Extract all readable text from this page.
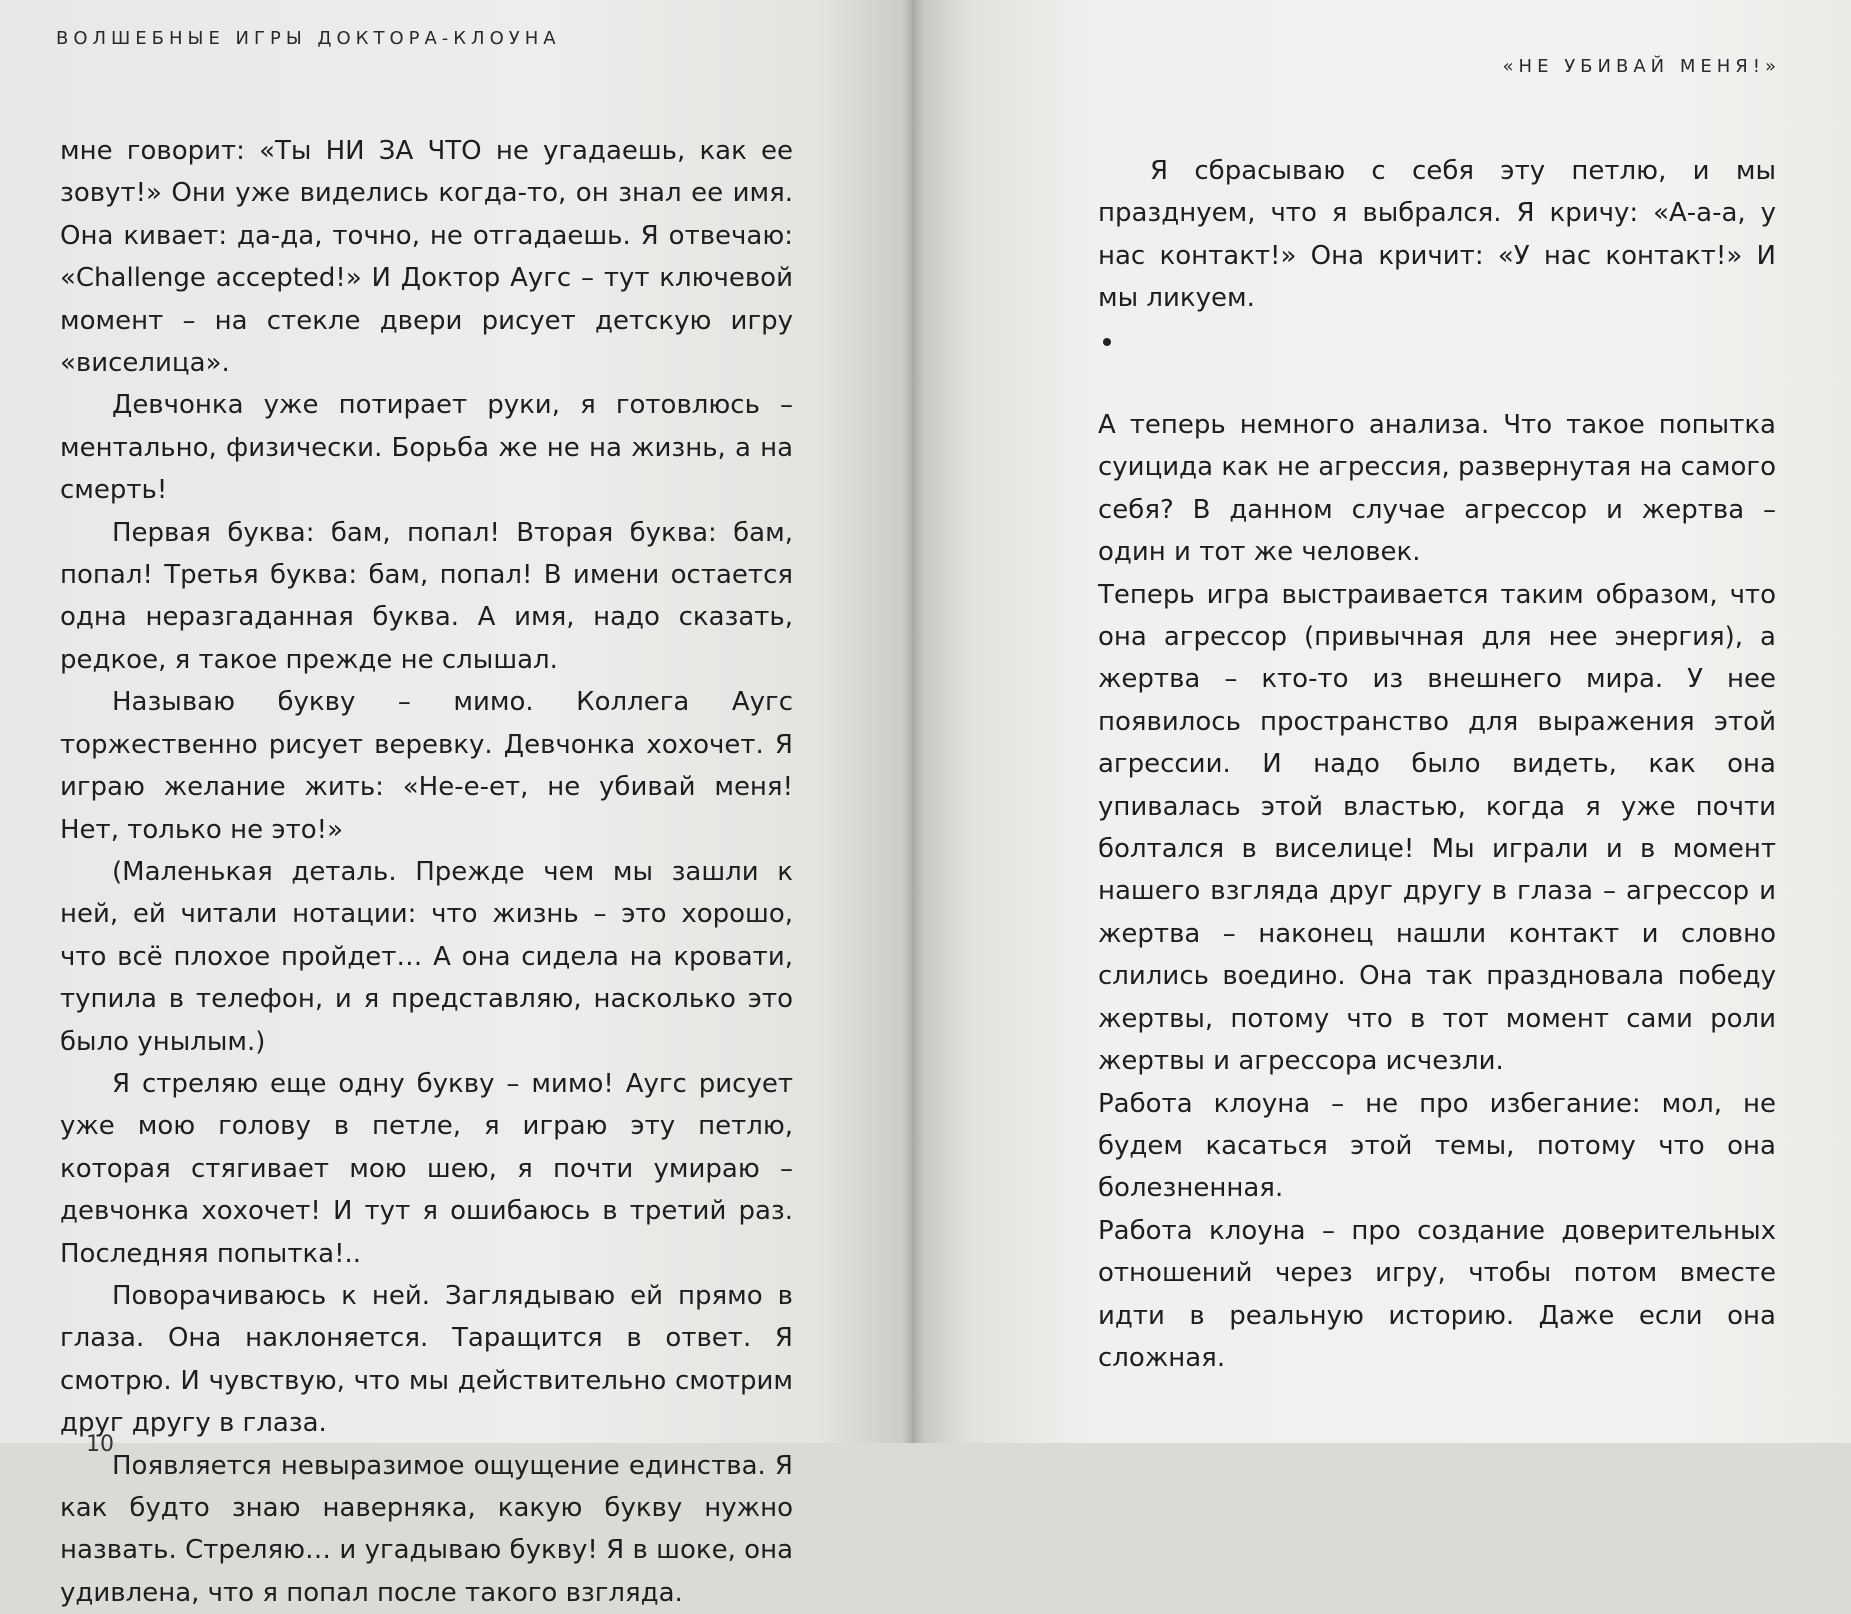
ВОЛШЕБНЫЕ ИГРЫ ДОКТОРА-КЛОУНА

мне говорит: «Ты НИ ЗА ЧТО не угадаешь, как ее зовут!» Они уже виделись когда-то, он знал ее имя. Она кивает: да-да, точно, не отгадаешь. Я отвечаю: «Challenge accepted!» И Доктор Аугс – тут ключевой момент – на стекле двери рисует детскую игру «виселица».

Девчонка уже потирает руки, я готовлюсь – ментально, физически. Борьба же не на жизнь, а на смерть!

Первая буква: бам, попал! Вторая буква: бам, попал! Третья буква: бам, попал! В имени остается одна неразгаданная буква. А имя, надо сказать, редкое, я такое прежде не слышал.

Называю букву – мимо. Коллега Аугс торжественно рисует веревку. Девчонка хохочет. Я играю желание жить: «Не-е-ет, не убивай меня! Нет, только не это!»

(Маленькая деталь. Прежде чем мы зашли к ней, ей читали нотации: что жизнь – это хорошо, что всё плохое пройдет… А она сидела на кровати, тупила в телефон, и я представляю, насколько это было унылым.)

Я стреляю еще одну букву – мимо! Аугс рисует уже мою голову в петле, я играю эту петлю, которая стягивает мою шею, я почти умираю – девчонка хохочет! И тут я ошибаюсь в третий раз. Последняя попытка!..

Поворачиваюсь к ней. Заглядываю ей прямо в глаза. Она наклоняется. Таращится в ответ. Я смотрю. И чувствую, что мы действительно смотрим друг другу в глаза.

Появляется невыразимое ощущение единства. Я как будто знаю наверняка, какую букву нужно назвать. Стреляю… и угадываю букву! Я в шоке, она удивлена, что я попал после такого взгляда.

10
«НЕ УБИВАЙ МЕНЯ!»

Я сбрасываю с себя эту петлю, и мы празднуем, что я выбрался. Я кричу: «А-а-а, у нас контакт!» Она кричит: «У нас контакт!» И мы ликуем.

А теперь немного анализа. Что такое попытка суицида как не агрессия, развернутая на самого себя? В данном случае агрессор и жертва – один и тот же человек.

Теперь игра выстраивается таким образом, что она агрессор (привычная для нее энергия), а жертва – кто-то из внешнего мира. У нее появилось пространство для выражения этой агрессии. И надо было видеть, как она упивалась этой властью, когда я уже почти болтался в виселице! Мы играли и в момент нашего взгляда друг другу в глаза – агрессор и жертва – наконец нашли контакт и словно слились воедино. Она так праздновала победу жертвы, потому что в тот момент сами роли жертвы и агрессора исчезли.

Работа клоуна – не про избегание: мол, не будем касаться этой темы, потому что она болезненная.

Работа клоуна – про создание доверительных отношений через игру, чтобы потом вместе идти в реальную историю. Даже если она сложная.
